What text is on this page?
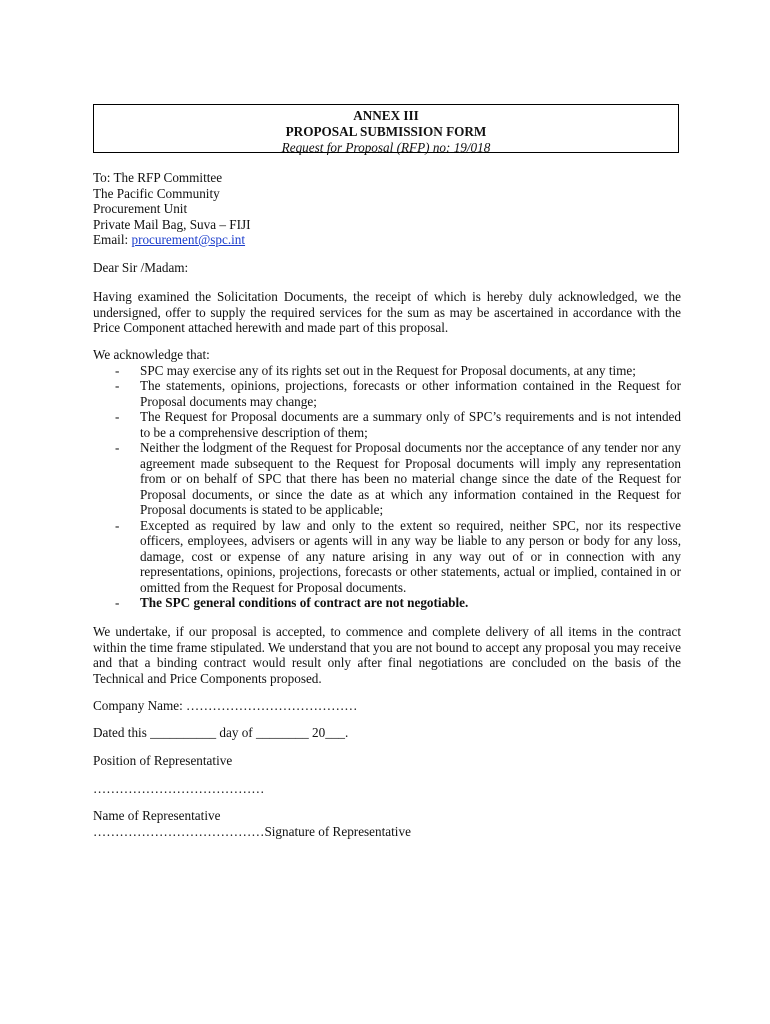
ANNEX III
PROPOSAL SUBMISSION FORM
Request for Proposal (RFP) no: 19/018
To: The RFP Committee
The Pacific Community
Procurement Unit
Private Mail Bag, Suva – FIJI
Email: procurement@spc.int
Dear Sir /Madam:
Having examined the Solicitation Documents, the receipt of which is hereby duly acknowledged, we the undersigned, offer to supply the required services for the sum as may be ascertained in accordance with the Price Component attached herewith and made part of this proposal.
We acknowledge that:
- SPC may exercise any of its rights set out in the Request for Proposal documents, at any time;
- The statements, opinions, projections, forecasts or other information contained in the Request for Proposal documents may change;
- The Request for Proposal documents are a summary only of SPC’s requirements and is not intended to be a comprehensive description of them;
- Neither the lodgment of the Request for Proposal documents nor the acceptance of any tender nor any agreement made subsequent to the Request for Proposal documents will imply any representation from or on behalf of SPC that there has been no material change since the date of the Request for Proposal documents, or since the date as at which any information contained in the Request for Proposal documents is stated to be applicable;
- Excepted as required by law and only to the extent so required, neither SPC, nor its respective officers, employees, advisers or agents will in any way be liable to any person or body for any loss, damage, cost or expense of any nature arising in any way out of or in connection with any representations, opinions, projections, forecasts or other statements, actual or implied, contained in or omitted from the Request for Proposal documents.
- The SPC general conditions of contract are not negotiable.
We undertake, if our proposal is accepted, to commence and complete delivery of all items in the contract within the time frame stipulated. We understand that you are not bound to accept any proposal you may receive and that a binding contract would result only after final negotiations are concluded on the basis of the Technical and Price Components proposed.
Company Name: …………………………………
Dated this __________ day of ________ 20___.
Position of Representative
…………………………………
Name of Representative
…………………………………Signature of Representative
